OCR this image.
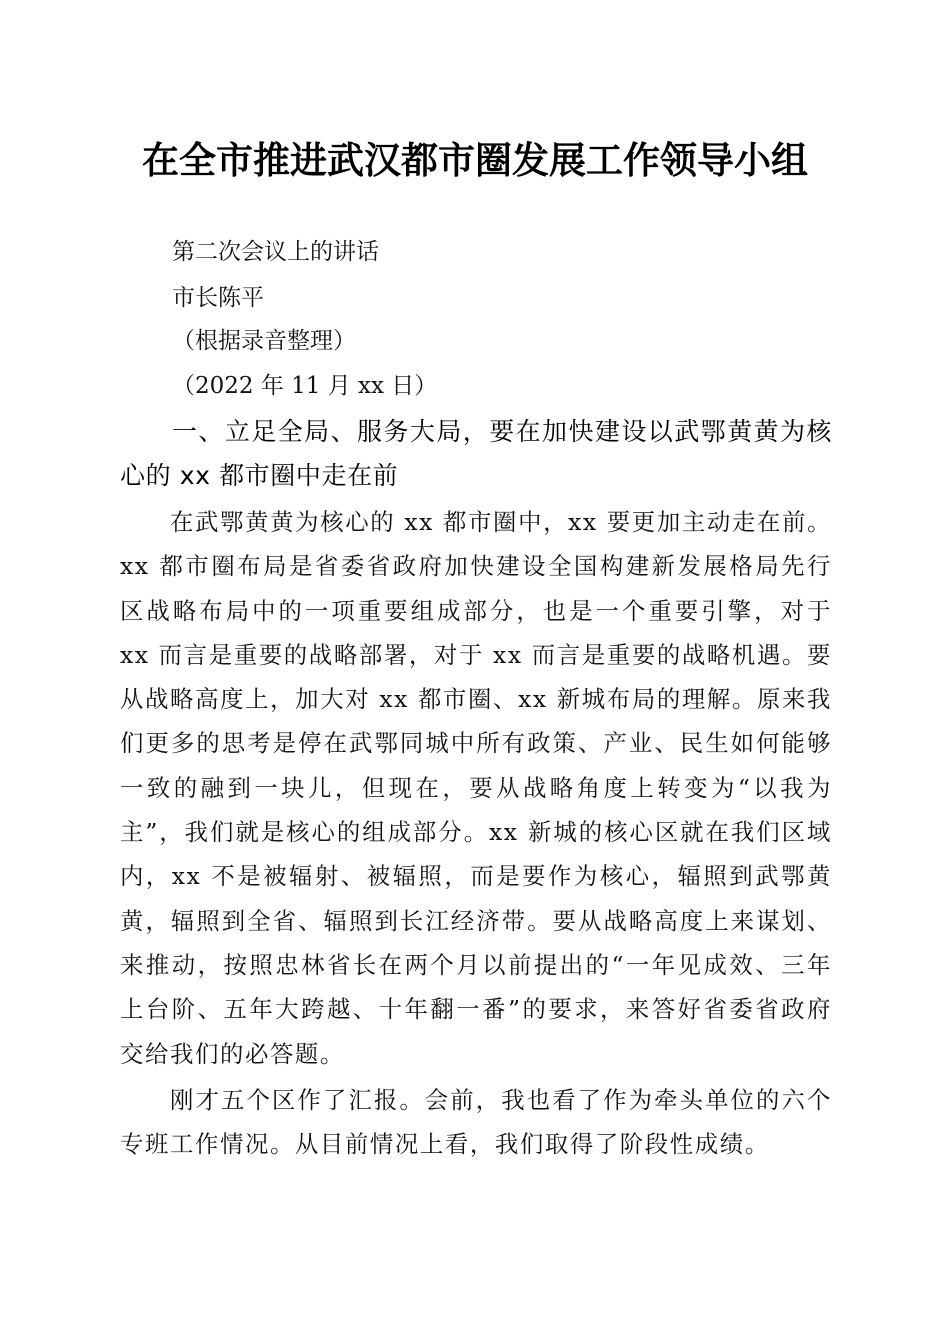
在全市推进武汉都市圈发展工作领导小组
第二次会议上的讲话
市长陈平
（根据录音整理）
（2022 年 11 月 xx 日）

一、立足全局、服务大局，要在加快建设以武鄂黄黄为核心的 xx 都市圈中走在前

在武鄂黄黄为核心的 xx 都市圈中，xx 要更加主动走在前。xx 都市圈布局是省委省政府加快建设全国构建新发展格局先行区战略布局中的一项重要组成部分，也是一个重要引擎，对于 xx 而言是重要的战略部署，对于 xx 而言是重要的战略机遇。要从战略高度上，加大对 xx 都市圈、xx 新城布局的理解。原来我们更多的思考是停在武鄂同城中所有政策、产业、民生如何能够一致的融到一块儿，但现在，要从战略角度上转变为“以我为主”，我们就是核心的组成部分。xx 新城的核心区就在我们区域内，xx 不是被辐射、被辐照，而是要作为核心，辐照到武鄂黄黄，辐照到全省、辐照到长江经济带。要从战略高度上来谋划、来推动，按照忠林省长在两个月以前提出的“一年见成效、三年上台阶、五年大跨越、十年翻一番”的要求，来答好省委省政府交给我们的必答题。

刚才五个区作了汇报。会前，我也看了作为牵头单位的六个专班工作情况。从目前情况上看，我们取得了阶段性成绩。
